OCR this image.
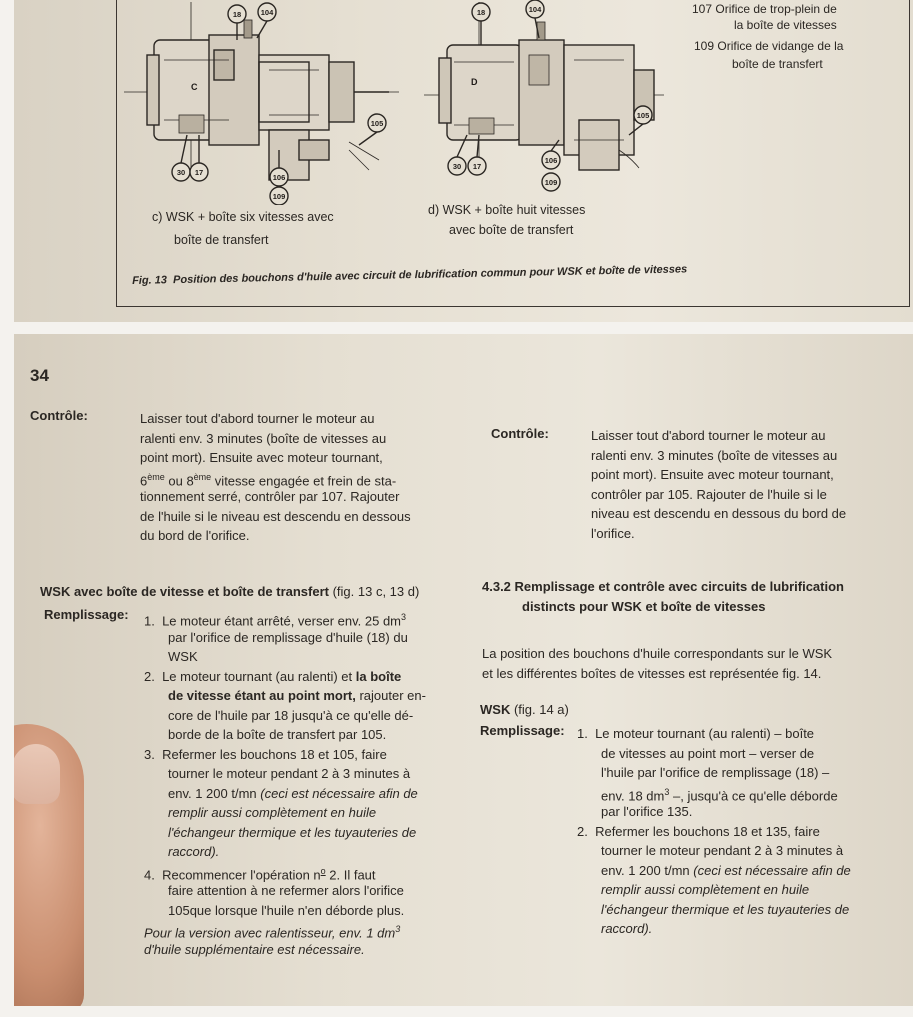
18	104
105
106
109
30 17
C
18	104
105
106
109
30 17
D
107 Orifice de trop-plein de
la boîte de vitesses
109 Orifice de vidange de la
boîte de transfert
c) WSK + boîte six vitesses avec
boîte de transfert
d) WSK + boîte huit vitesses
avec boîte de transfert
Fig. 13 Position des bouchons d'huile avec circuit de lubrification commun pour WSK et boîte de vitesses
34
Contrôle:	Laisser tout d'abord tourner le moteur au
ralenti env. 3 minutes (boîte de vitesses au
point mort). Ensuite avec moteur tournant,
6ème ou 8ème vitesse engagée et frein de sta-
tionnement serré, contrôler par 107. Rajouter
de l'huile si le niveau est descendu en dessous
du bord de l'orifice.
WSK avec boîte de vitesse et boîte de transfert (fig. 13 c, 13 d)
Remplissage: 1. Le moteur étant arrêté, verser env. 25 $dm^3$
par l'orifice de remplissage d'huile (18) du
WSK
2. Le moteur tournant (au ralenti) et la boîte
de vitesse étant au point mort, rajouter en-
core de l'huile par 18 jusqu'à ce qu'elle dé-
borde de la boîte de transfert par 105.
3. Refermer les bouchons 18 et 105, faire
tourner le moteur pendant 2 à 3 minutes à
env. 1 200 t/mn (ceci est nécessaire afin de
remplir aussi complètement en huile
l'échangeur thermique et les tuyauteries de
raccord).
4. Recommencer l'opération $n^o$ 2. Il faut
faire attention à ne refermer alors l'orifice
105que lorsque l'huile n'en déborde plus.
Pour la version avec ralentisseur, env. 1 $dm^3$
d'huile supplémentaire est nécessaire.
Contrôle:	Laisser tout d'abord tourner le moteur au
ralenti env. 3 minutes (boîte de vitesses au
point mort). Ensuite avec moteur tournant,
contrôler par 105. Rajouter de l'huile si le
niveau est descendu en dessous du bord de
l'orifice.
4.3.2 Remplissage et contrôle avec circuits de lubrification
distincts pour WSK et boîte de vitesses
La position des bouchons d'huile correspondants sur le WSK
et les différentes boîtes de vitesses est représentée fig. 14.
WSK (fig. 14 a)
Remplissage: 1. Le moteur tournant (au ralenti) – boîte
de vitesses au point mort – verser de
l'huile par l'orifice de remplissage (18) –
env. 18 $dm^3$ –, jusqu'à ce qu'elle déborde
par l'orifice 135.
2. Refermer les bouchons 18 et 135, faire
tourner le moteur pendant 2 à 3 minutes à
env. 1 200 t/mn (ceci est nécessaire afin de
remplir aussi complètement en huile
l'échangeur thermique et les tuyauteries de
raccord).
